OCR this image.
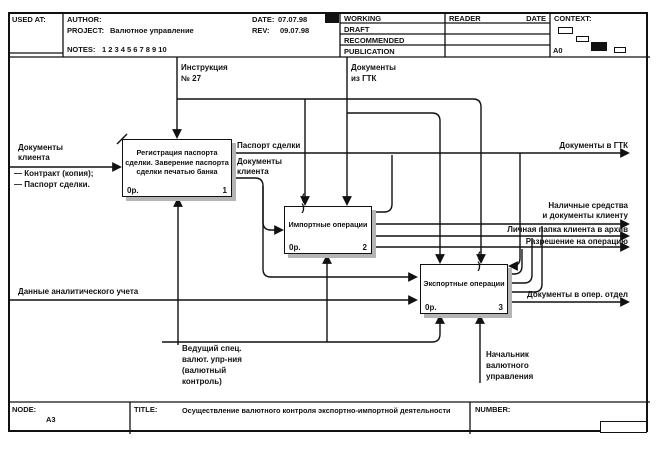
USED AT:	AUTHOR:
PROJECT: Валютное управление
NOTES: 1 2 3 4 5 6 7 8 9 10
DATE: 07.07.98
REV: 09.07.98
WORKING
DRAFT
RECOMMENDED
PUBLICATION
READER	DATE CONTEXT:
A0
Регистрация паспорта сделки. Заверение паспорта сделки печатью банка
0р.	1
Импортные операции
0р.	2
Экспортные операции
0р.	3
Инструкция
№ 27
Документы
из ГТК
Документы
клиента
— Контракт (копия);
— Паспорт сделки.
Паспорт сделки
Документы
клиента
Документы в ГТК
Наличные средства
и документы клиенту
Личная папка клиента в архив
Разрешение на операцию
Документы в опер. отдел
Данные аналитического учета
Ведущий спец.
валют. упр-ния
(валютный
контроль)
Начальник
валютного
управления
( )
( )
NODE:
A3
TITLE:	Осуществление валютного контроля экспортно-импортной деятельности	NUMBER:
